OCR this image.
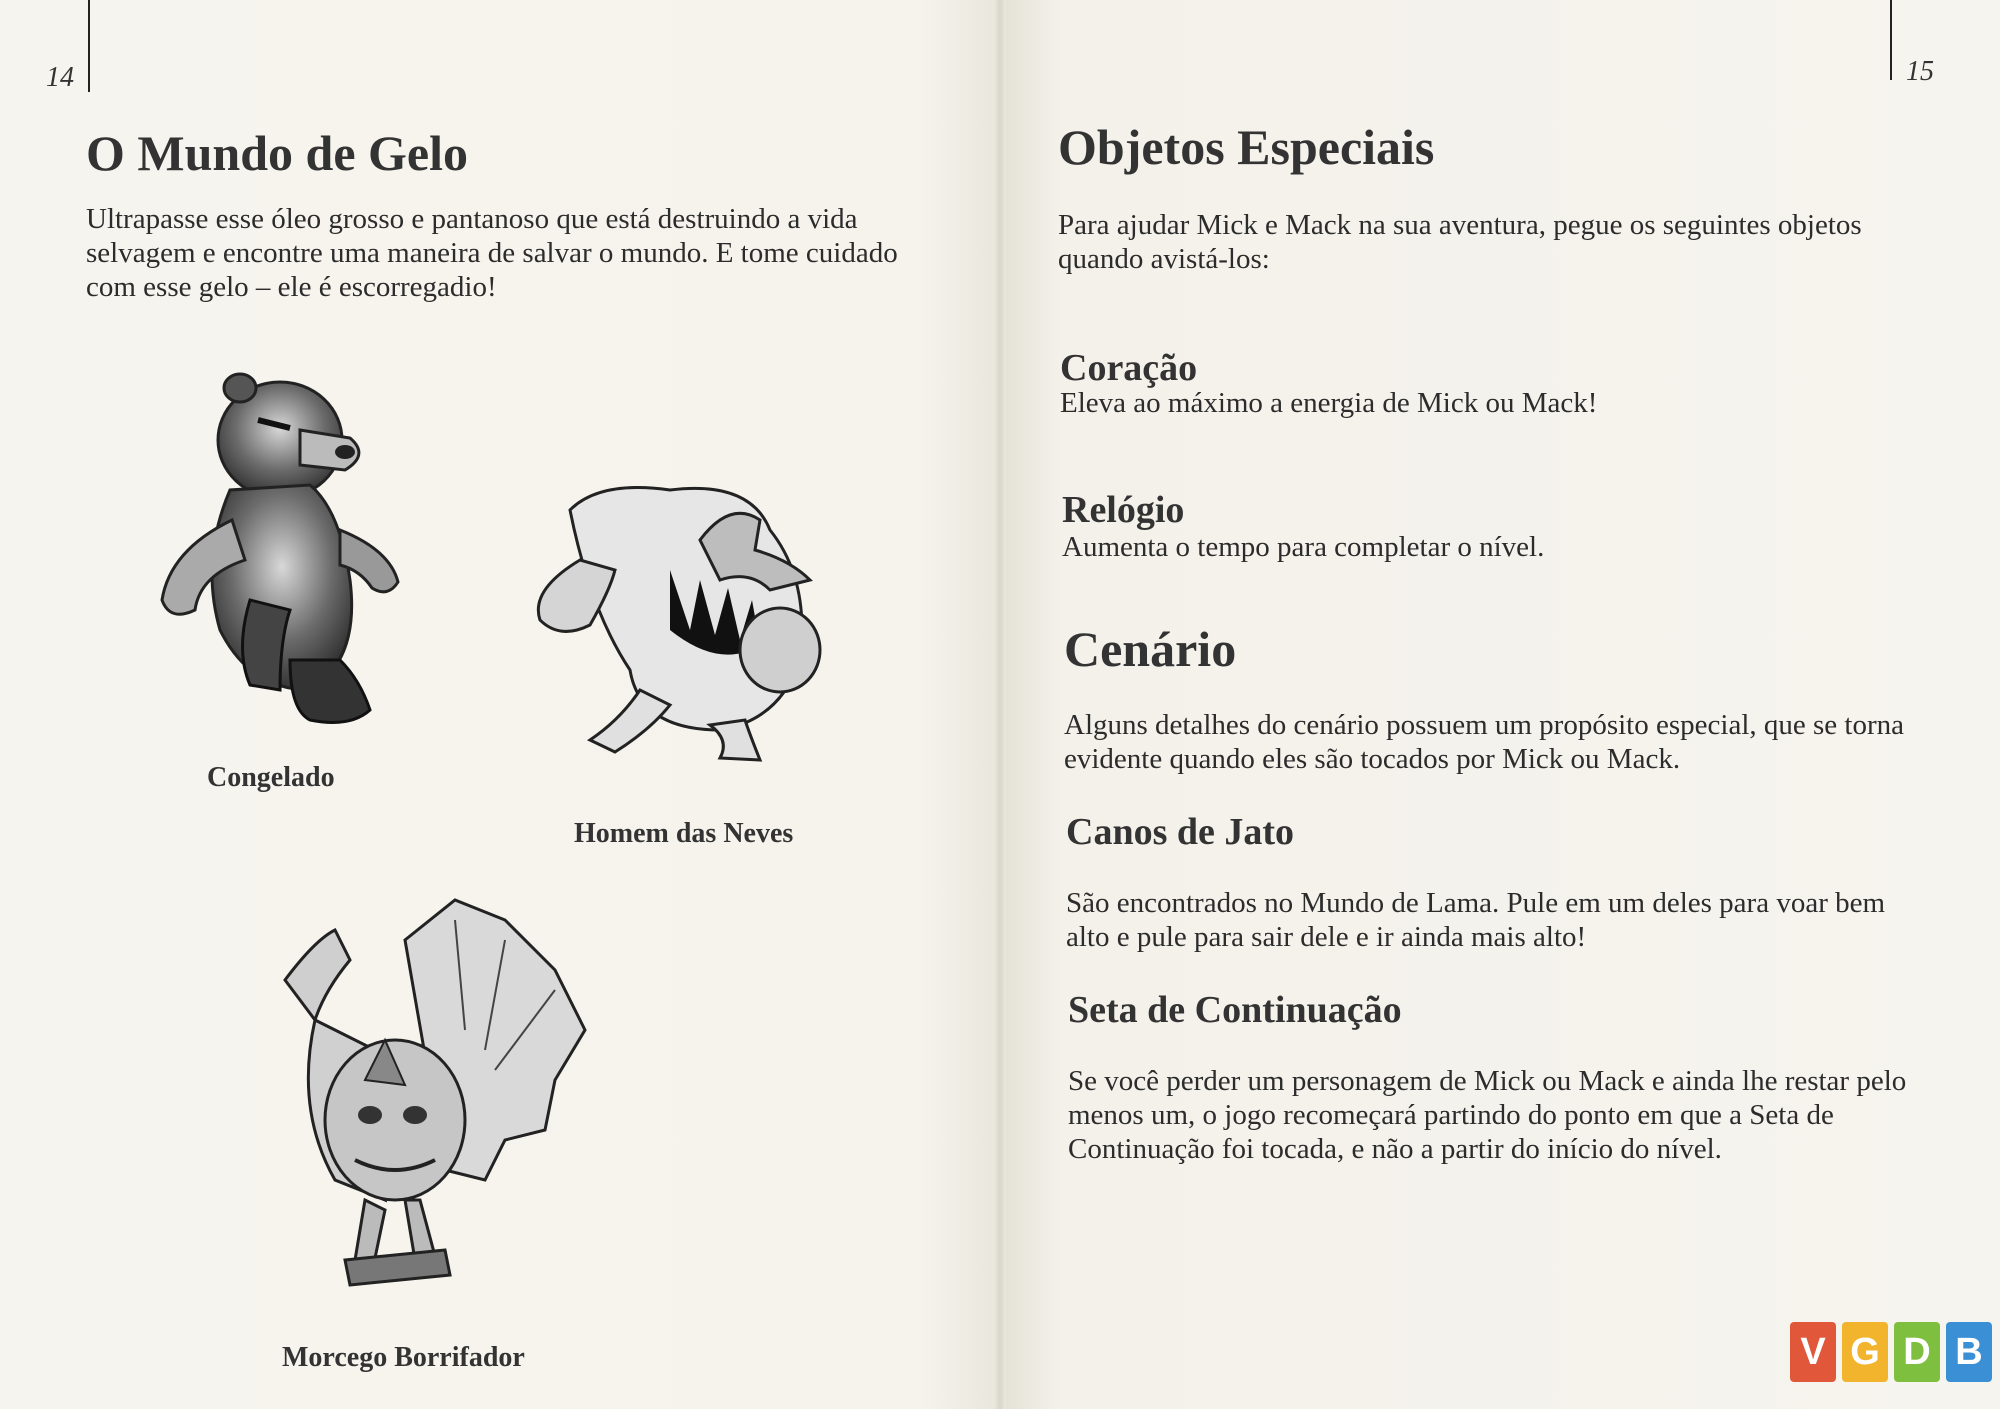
14
O Mundo de Gelo

Ultrapasse esse óleo grosso e pantanoso que está destruindo a vida selvagem e encontre uma maneira de salvar o mundo. E tome cuidado com esse gelo – ele é escorregadio!

Congelado
Homem das Neves
Morcego Borrifador
15
Objetos Especiais

Para ajudar Mick e Mack na sua aventura, pegue os seguintes objetos quando avistá-los:

Coração

Eleva ao máximo a energia de Mick ou Mack!

Relógio

Aumenta o tempo para completar o nível.

Cenário

Alguns detalhes do cenário possuem um propósito especial, que se torna evidente quando eles são tocados por Mick ou Mack.

Canos de Jato

São encontrados no Mundo de Lama. Pule em um deles para voar bem alto e pule para sair dele e ir ainda mais alto!

Seta de Continuação

Se você perder um personagem de Mick ou Mack e ainda lhe restar pelo menos um, o jogo recomeçará partindo do ponto em que a Seta de Continuação foi tocada, e não a partir do início do nível.

V G D B
